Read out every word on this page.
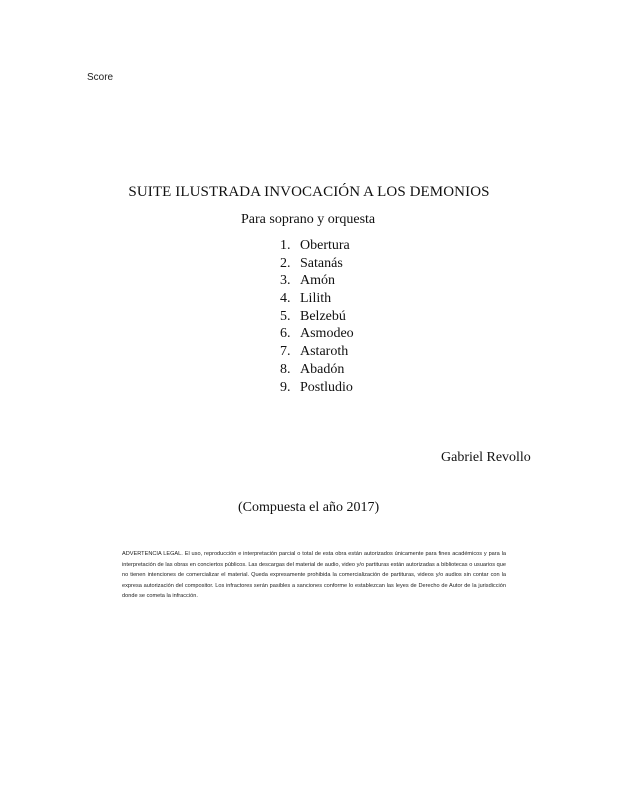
Score
SUITE ILUSTRADA INVOCACIÓN A LOS DEMONIOS
Para soprano y orquesta
1. Obertura
2. Satanás
3. Amón
4. Lilith
5. Belzebú
6. Asmodeo
7. Astaroth
8. Abadón
9. Postludio
Gabriel Revollo
(Compuesta el año 2017)
ADVERTENCIA LEGAL. El uso, reproducción e interpretación parcial o total de esta obra están autorizados únicamente para fines académicos y para la interpretación de las obras en conciertos públicos. Las descargas del material de audio, video y/o partituras están autorizadas a bibliotecas o usuarios que no tienen intenciones de comercializar el material. Queda expresamente prohibida la comercialización de partituras, videos y/o audios sin contar con la expresa autorización del compositor. Los infractores serán pasibles a sanciones conforme lo establezcan las leyes de Derecho de Autor de la jurisdicción donde se cometa la infracción.
